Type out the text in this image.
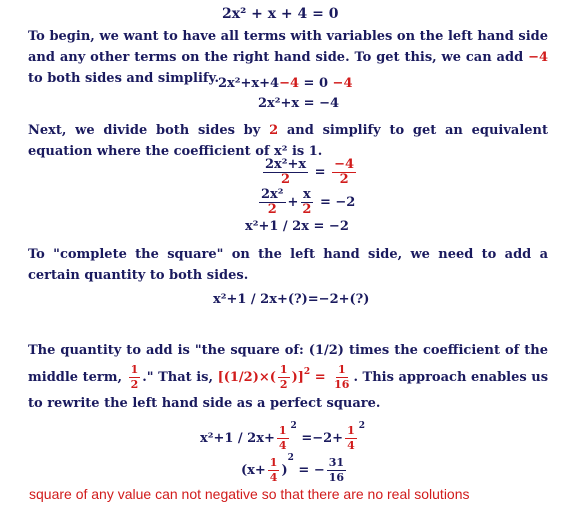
2x² + x + 4 = 0
To begin, we want to have all terms with variables on the left hand side and any other terms on the right hand side. To get this, we can add −4 to both sides and simplify.
2x²+x+4−4 = 0 −4
2x²+x = −4
Next, we divide both sides by 2 and simplify to get an equivalent equation where the coefficient of x² is 1.
$\frac{\text{2x²+x}}{2} = \frac{-4}{2}$
$\frac{\text{2x²}}{2} + \frac{x}{2} = -2$
x²+1 / 2x = −2
To "complete the square" on the left hand side, we need to add a certain quantity to both sides.
x²+1 / 2x+(?)=−2+(?)
The quantity to add is "the square of: (1/2) times the coefficient of the middle term, $\frac{1}{2}$ ." That is, $[(1/2)\times( \frac{1}{2} )]^2 = \frac{1}{16}$ . This approach enables us to rewrite the left hand side as a perfect square.
$x^2+1 / 2x+ \frac{1}{4} ^2 =-2+ \frac{1}{4} ^2$
$(x+ \frac{1}{4} )^2$ = − $\frac{31}{16}$
square of any value can not negative so that there are no real solutions
